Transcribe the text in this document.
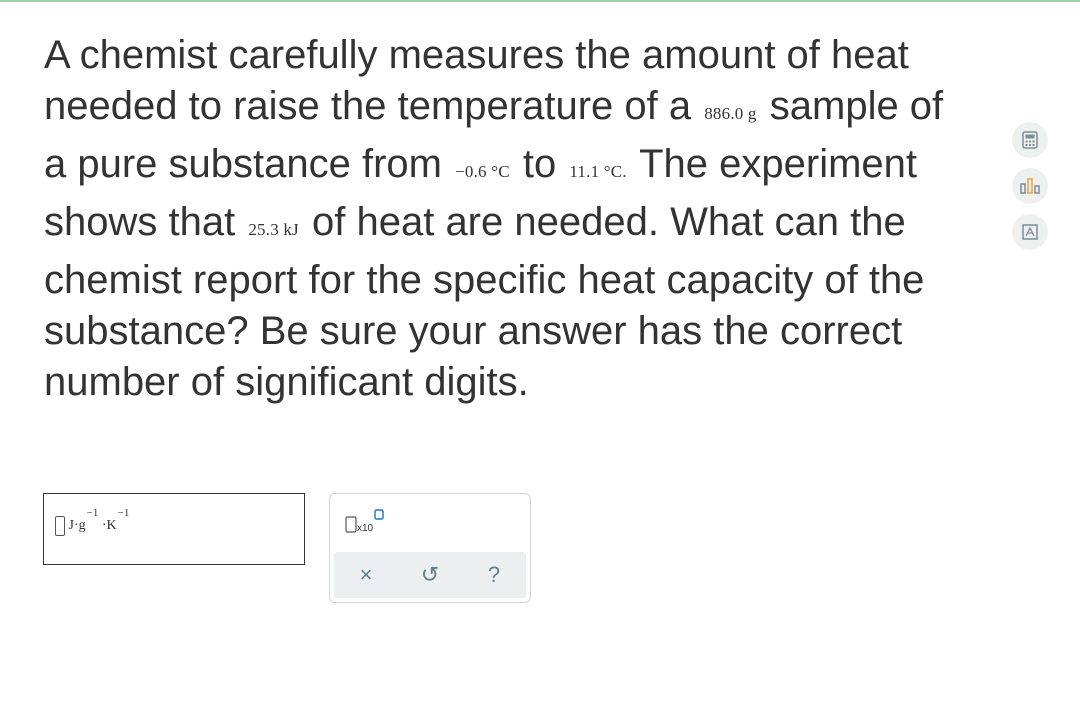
A chemist carefully measures the amount of heat needed to raise the temperature of a 886.0 g sample of a pure substance from −0.6 °C to 11.1 °C. The experiment shows that 25.3 kJ of heat are needed. What can the chemist report for the specific heat capacity of the substance? Be sure your answer has the correct number of significant digits.
$J\cdot g^{-1} \cdot K^{-1}$
x10
× ↺ ?
